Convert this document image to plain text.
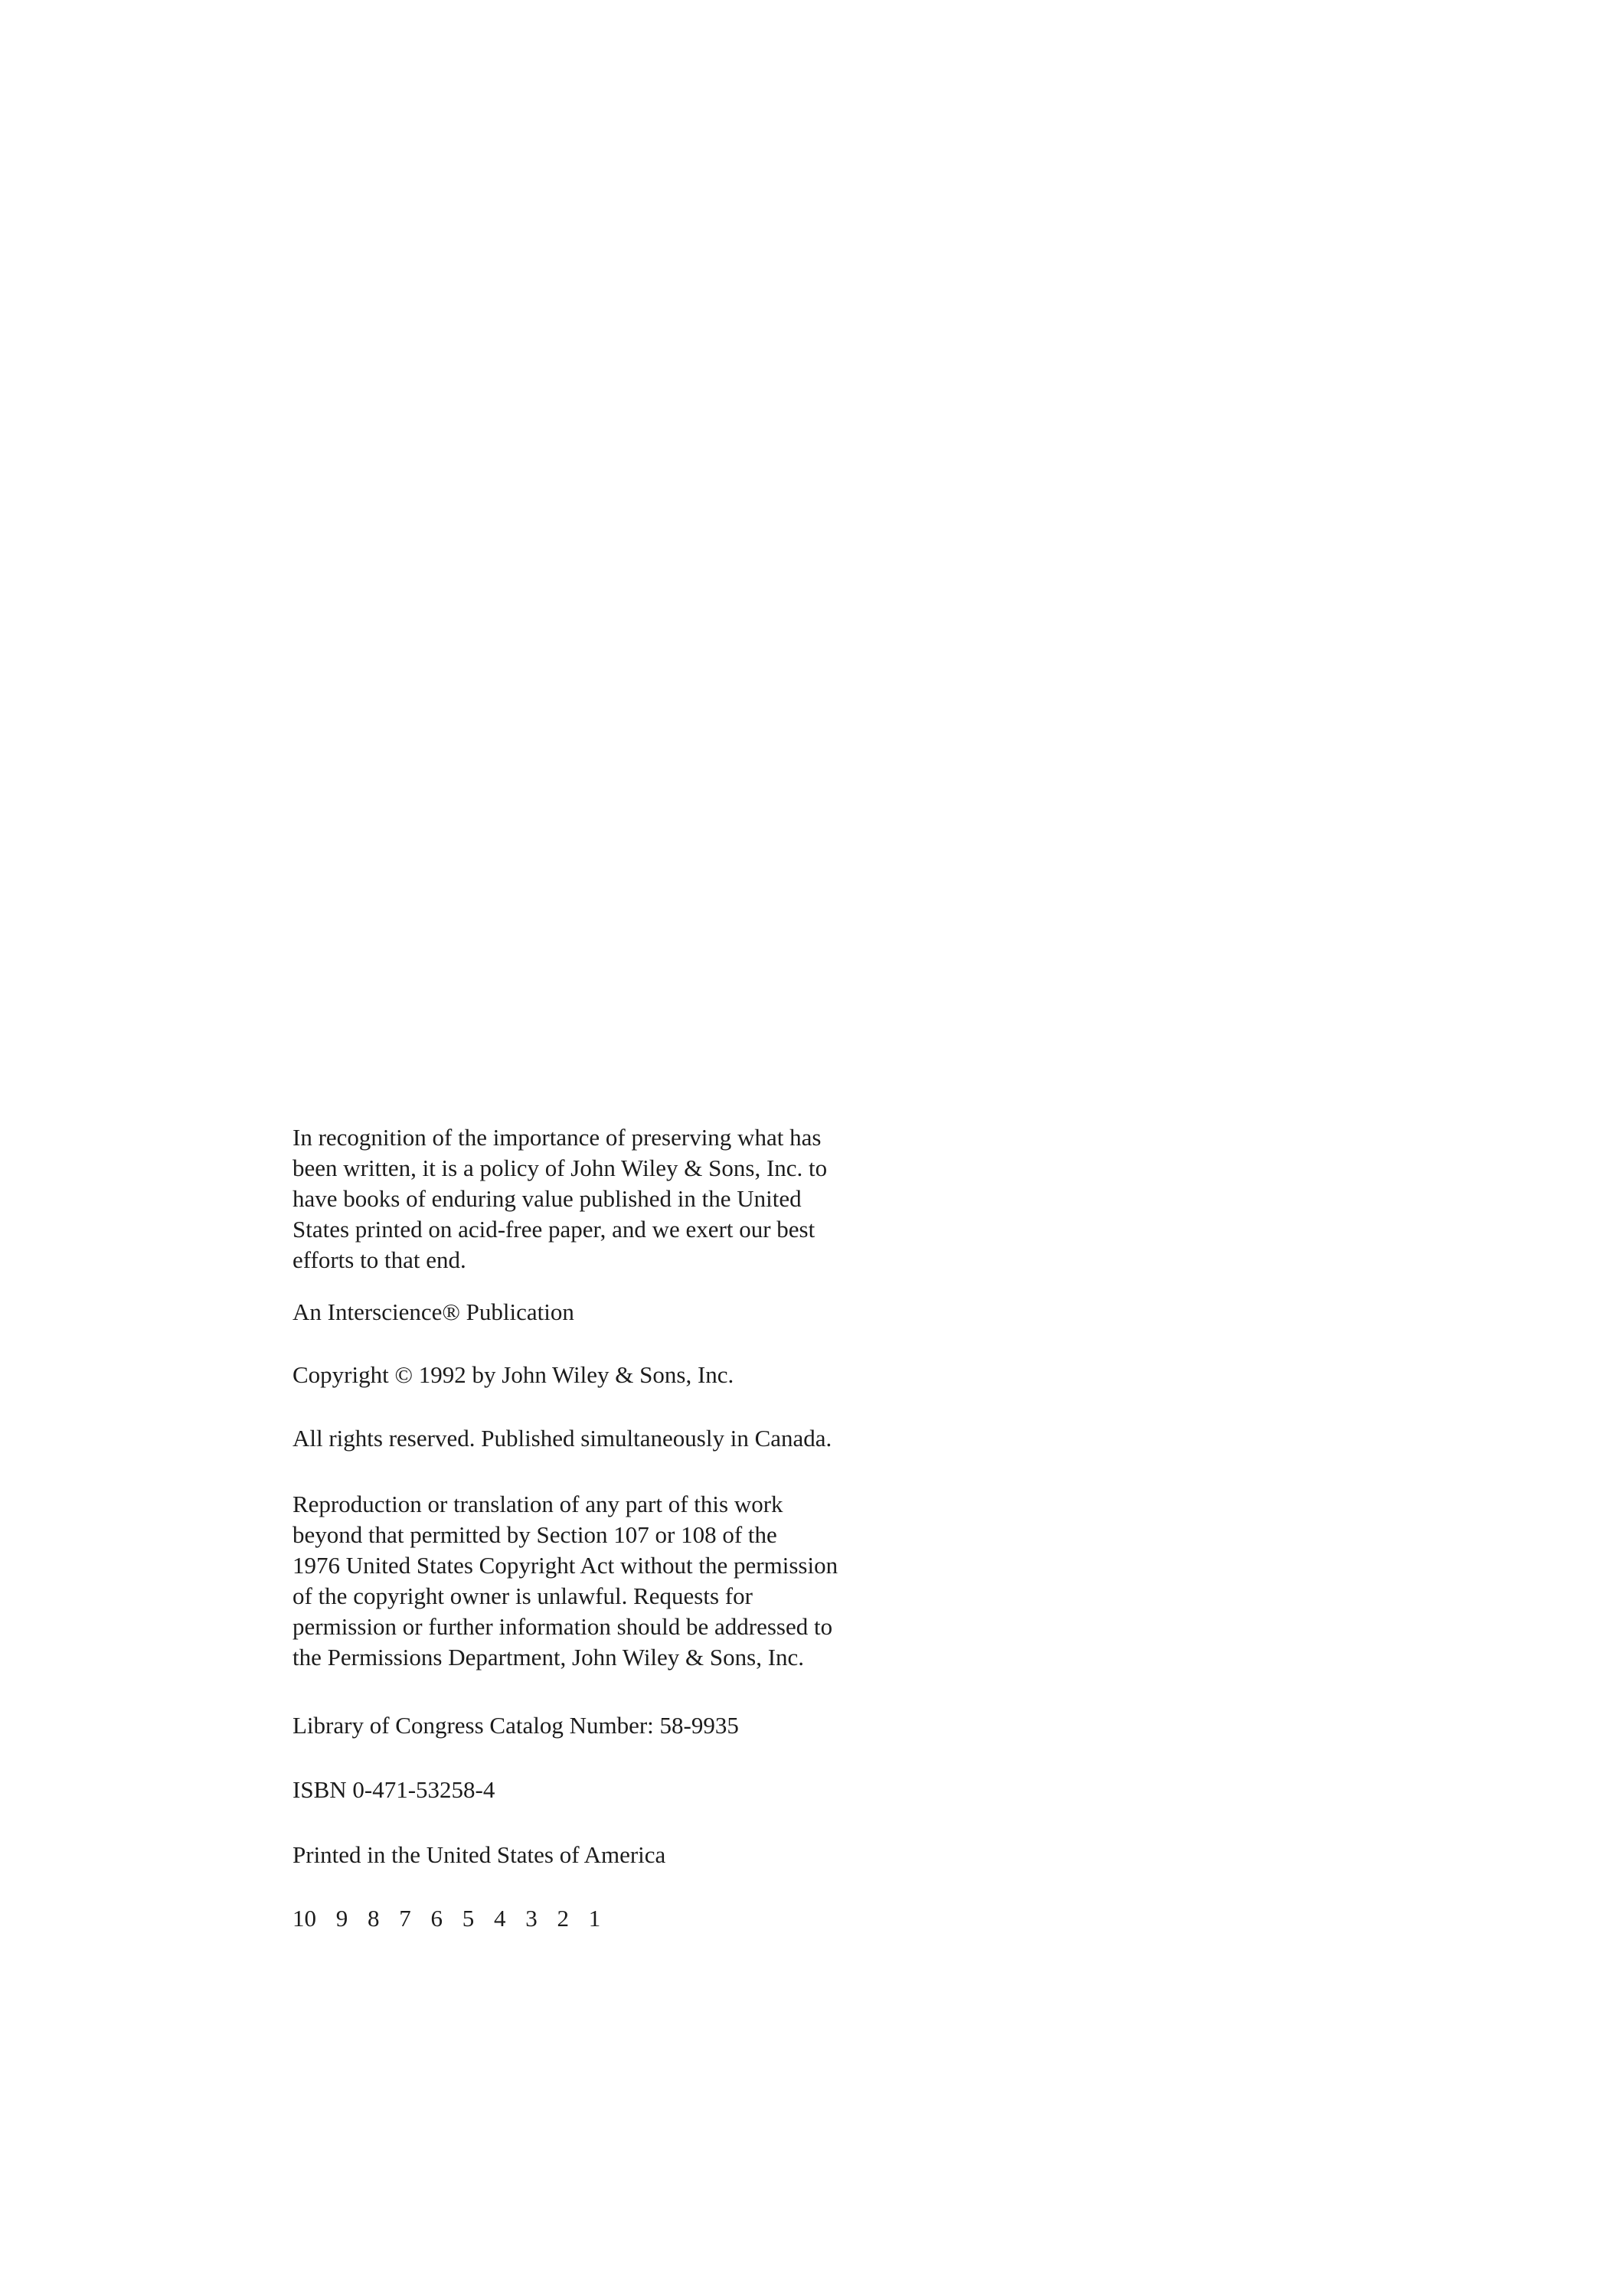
In recognition of the importance of preserving what has
been written, it is a policy of John Wiley & Sons, Inc. to
have books of enduring value published in the United
States printed on acid-free paper, and we exert our best
efforts to that end.
An Interscience® Publication
Copyright © 1992 by John Wiley & Sons, Inc.
All rights reserved. Published simultaneously in Canada.
Reproduction or translation of any part of this work
beyond that permitted by Section 107 or 108 of the
1976 United States Copyright Act without the permission
of the copyright owner is unlawful. Requests for
permission or further information should be addressed to
the Permissions Department, John Wiley & Sons, Inc.
Library of Congress Catalog Number: 58-9935
ISBN 0-471-53258-4
Printed in the United States of America
10 9 8 7 6 5 4 3 2 1
